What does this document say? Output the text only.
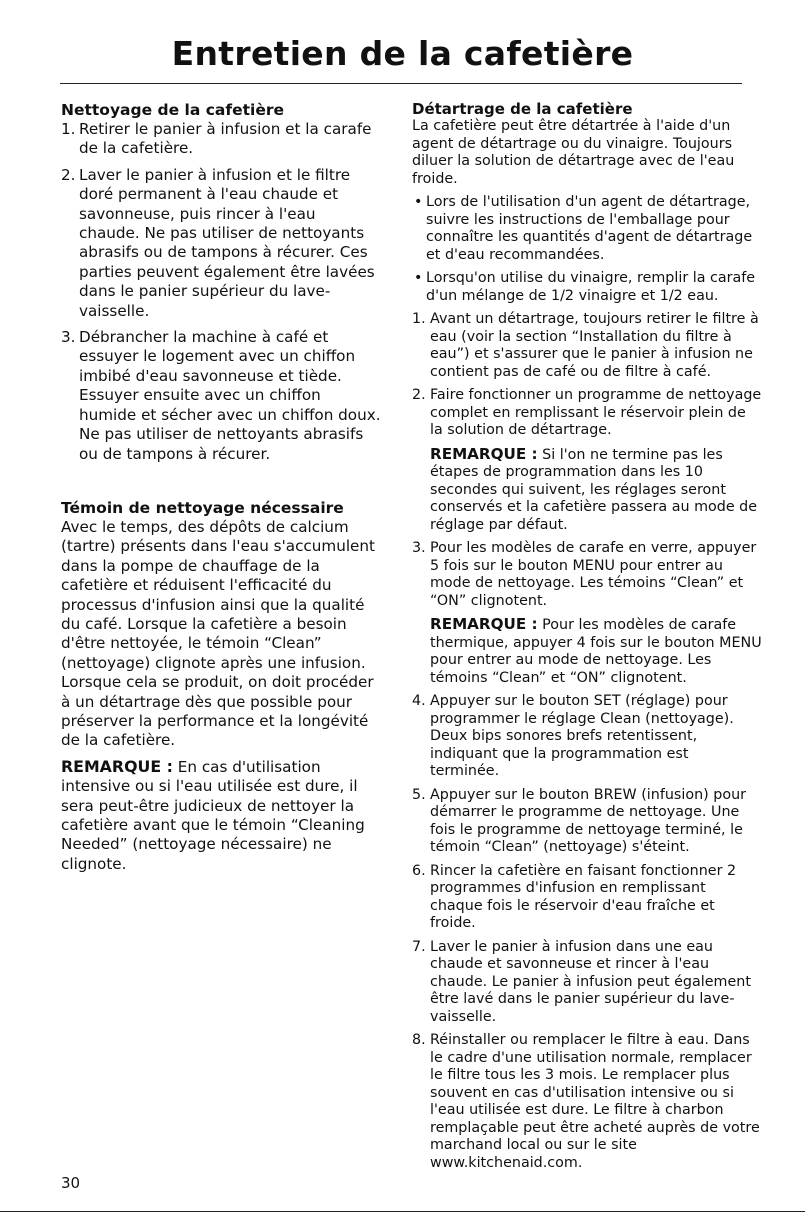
Entretien de la cafetière
Nettoyage de la cafetière
1. Retirer le panier à infusion et la carafe de la cafetière.
2. Laver le panier à infusion et le filtre doré permanent à l'eau chaude et savonneuse, puis rincer à l'eau chaude. Ne pas utiliser de nettoyants abrasifs ou de tampons à récurer. Ces parties peuvent également être lavées dans le panier supérieur du lave-vaisselle.
3. Débrancher la machine à café et essuyer le logement avec un chiffon imbibé d'eau savonneuse et tiède. Essuyer ensuite avec un chiffon humide et sécher avec un chiffon doux. Ne pas utiliser de nettoyants abrasifs ou de tampons à récurer.
Témoin de nettoyage nécessaire

Avec le temps, des dépôts de calcium (tartre) présents dans l'eau s'accumulent dans la pompe de chauffage de la cafetière et réduisent l'efficacité du processus d'infusion ainsi que la qualité du café. Lorsque la cafetière a besoin d'être nettoyée, le témoin “Clean” (nettoyage) clignote après une infusion. Lorsque cela se produit, on doit procéder à un détartrage dès que possible pour préserver la performance et la longévité de la cafetière.

REMARQUE : En cas d'utilisation intensive ou si l'eau utilisée est dure, il sera peut-être judicieux de nettoyer la cafetière avant que le témoin “Cleaning Needed” (nettoyage nécessaire) ne clignote.

Détartrage de la cafetière

La cafetière peut être détartrée à l'aide d'un agent de détartrage ou du vinaigre. Toujours diluer la solution de détartrage avec de l'eau froide.

• Lors de l'utilisation d'un agent de détartrage, suivre les instructions de l'emballage pour connaître les quantités d'agent de détartrage et d'eau recommandées.
• Lorsqu'on utilise du vinaigre, remplir la carafe d'un mélange de 1/2 vinaigre et 1/2 eau.
1. Avant un détartrage, toujours retirer le filtre à eau (voir la section “Installation du filtre à eau”) et s'assurer que le panier à infusion ne contient pas de café ou de filtre à café.
2. Faire fonctionner un programme de nettoyage complet en remplissant le réservoir plein de la solution de détartrage.

REMARQUE : Si l'on ne termine pas les étapes de programmation dans les 10 secondes qui suivent, les réglages seront conservés et la cafetière passera au mode de réglage par défaut.

3. Pour les modèles de carafe en verre, appuyer 5 fois sur le bouton MENU pour entrer au mode de nettoyage. Les témoins “Clean” et “ON” clignotent.

REMARQUE : Pour les modèles de carafe thermique, appuyer 4 fois sur le bouton MENU pour entrer au mode de nettoyage. Les témoins “Clean” et “ON” clignotent.

4. Appuyer sur le bouton SET (réglage) pour programmer le réglage Clean (nettoyage). Deux bips sonores brefs retentissent, indiquant que la programmation est terminée.
5. Appuyer sur le bouton BREW (infusion) pour démarrer le programme de nettoyage. Une fois le programme de nettoyage terminé, le témoin “Clean” (nettoyage) s'éteint.
6. Rincer la cafetière en faisant fonctionner 2 programmes d'infusion en remplissant chaque fois le réservoir d'eau fraîche et froide.
7. Laver le panier à infusion dans une eau chaude et savonneuse et rincer à l'eau chaude. Le panier à infusion peut également être lavé dans le panier supérieur du lave-vaisselle.
8. Réinstaller ou remplacer le filtre à eau. Dans le cadre d'une utilisation normale, remplacer le filtre tous les 3 mois. Le remplacer plus souvent en cas d'utilisation intensive ou si l'eau utilisée est dure. Le filtre à charbon remplaçable peut être acheté auprès de votre marchand local ou sur le site www.kitchenaid.com.
30
